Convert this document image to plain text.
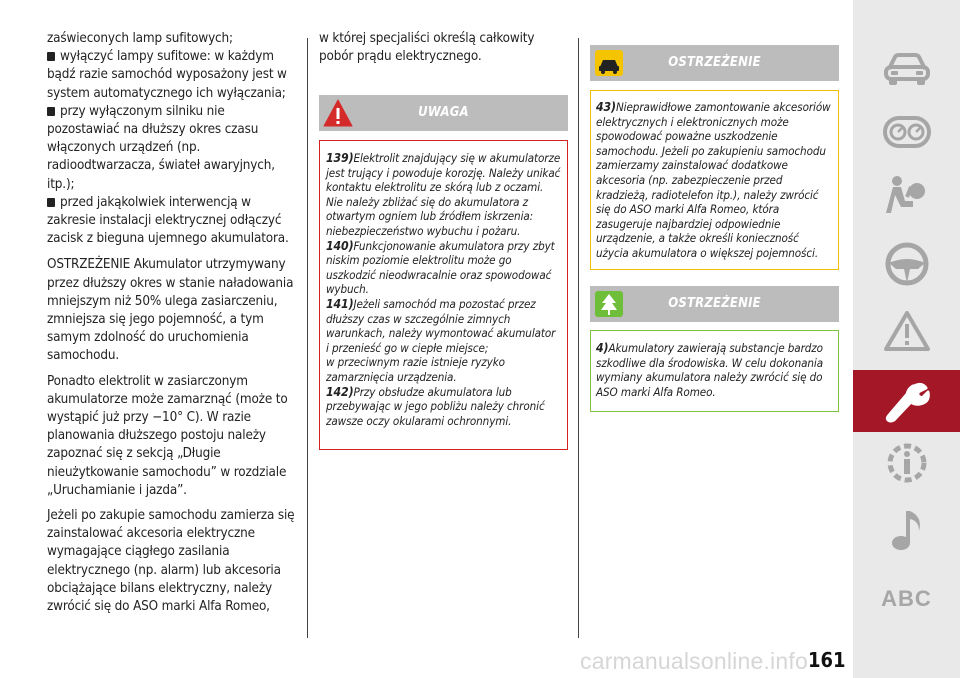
zaświeconych lamp sufitowych;

wyłączyć lampy sufitowe: w każdym bądź razie samochód wyposażony jest w system automatycznego ich wyłączania;

przy wyłączonym silniku nie pozostawiać na dłuższy okres czasu włączonych urządzeń (np. radioodtwarzacza, świateł awaryjnych, itp.);

przed jakąkolwiek interwencją w zakresie instalacji elektrycznej odłączyć zacisk z bieguna ujemnego akumulatora.

OSTRZEŻENIE Akumulator utrzymywany przez dłuższy okres w stanie naładowania mniejszym niż 50% ulega zasiarczeniu, zmniejsza się jego pojemność, a tym samym zdolność do uruchomienia samochodu.

Ponadto elektrolit w zasiarczonym akumulatorze może zamarznąć (może to wystąpić już przy −10° C). W razie planowania dłuższego postoju należy zapoznać się z sekcją „Długie nieużytkowanie samochodu” w rozdziale „Uruchamianie i jazda”.

Jeżeli po zakupie samochodu zamierza się zainstalować akcesoria elektryczne wymagające ciągłego zasilania elektrycznego (np. alarm) lub akcesoria obciążające bilans elektryczny, należy zwrócić się do ASO marki Alfa Romeo,

w której specjaliści określą całkowity pobór prądu elektrycznego.

UWAGA
139)Elektrolit znajdujący się w akumulatorze jest trujący i powoduje korozję. Należy unikać kontaktu elektrolitu ze skórą lub z oczami. Nie należy zbliżać się do akumulatora z otwartym ogniem lub źródłem iskrzenia: niebezpieczeństwo wybuchu i pożaru.
140)Funkcjonowanie akumulatora przy zbyt niskim poziomie elektrolitu może go uszkodzić nieodwracalnie oraz spowodować wybuch.
141)Jeżeli samochód ma pozostać przez dłuższy czas w szczególnie zimnych warunkach, należy wymontować akumulator i przenieść go w ciepłe miejsce;
w przeciwnym razie istnieje ryzyko zamarznięcia urządzenia.
142)Przy obsłudze akumulatora lub przebywając w jego pobliżu należy chronić zawsze oczy okularami ochronnymi.
OSTRZEŻENIE
43)Nieprawidłowe zamontowanie akcesoriów elektrycznych i elektronicznych może spowodować poważne uszkodzenie samochodu. Jeżeli po zakupieniu samochodu zamierzamy zainstalować dodatkowe akcesoria (np. zabezpieczenie przed kradzieżą, radiotelefon itp.), należy zwrócić się do ASO marki Alfa Romeo, która zasugeruje najbardziej odpowiednie urządzenie, a także określi konieczność użycia akumulatora o większej pojemności.
OSTRZEŻENIE
4)Akumulatory zawierają substancje bardzo szkodliwe dla środowiska. W celu dokonania wymiany akumulatora należy zwrócić się do ASO marki Alfa Romeo.
ABC
carmanualsonline.info 161
